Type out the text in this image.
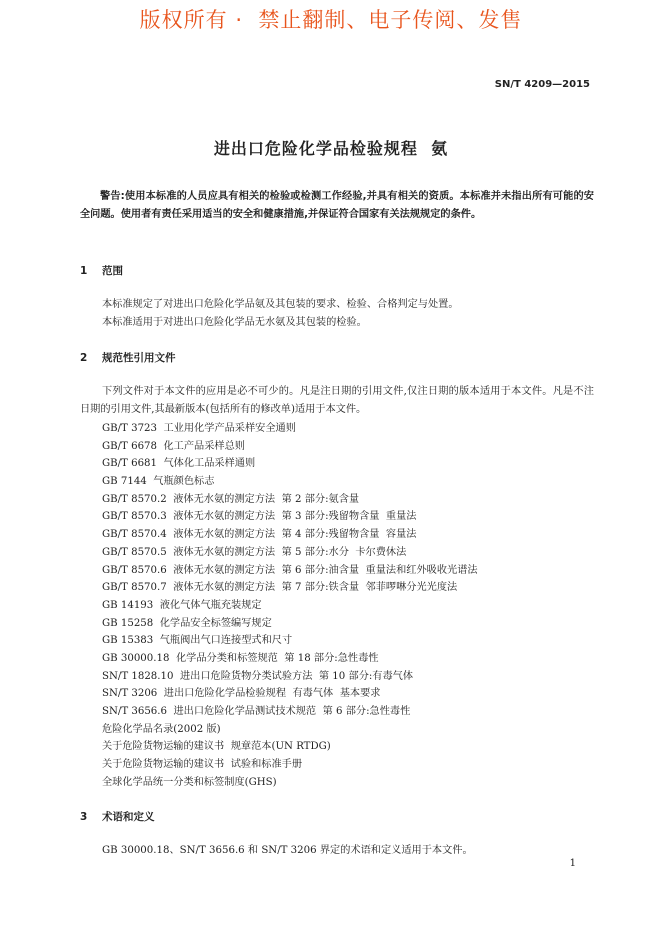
版权所有 ·  禁止翻制、电子传阅、发售
SN/T 4209—2015
进出口危险化学品检验规程  氨
警告:使用本标准的人员应具有相关的检验或检测工作经验,并具有相关的资质。本标准并未指出所有可能的安全问题。使用者有责任采用适当的安全和健康措施,并保证符合国家有关法规规定的条件。
1 范围
本标准规定了对进出口危险化学品氨及其包装的要求、检验、合格判定与处置。
本标准适用于对进出口危险化学品无水氨及其包装的检验。
2 规范性引用文件
下列文件对于本文件的应用是必不可少的。凡是注日期的引用文件,仅注日期的版本适用于本文件。凡是不注日期的引用文件,其最新版本(包括所有的修改单)适用于本文件。
GB/T 3723  工业用化学产品采样安全通则
GB/T 6678  化工产品采样总则
GB/T 6681  气体化工品采样通则
GB 7144  气瓶颜色标志
GB/T 8570.2  液体无水氨的测定方法  第 2 部分:氨含量
GB/T 8570.3  液体无水氨的测定方法  第 3 部分:残留物含量  重量法
GB/T 8570.4  液体无水氨的测定方法  第 4 部分:残留物含量  容量法
GB/T 8570.5  液体无水氨的测定方法  第 5 部分:水分  卡尔费休法
GB/T 8570.6  液体无水氨的测定方法  第 6 部分:油含量  重量法和红外吸收光谱法
GB/T 8570.7  液体无水氨的测定方法  第 7 部分:铁含量  邻菲啰啉分光光度法
GB 14193  液化气体气瓶充装规定
GB 15258  化学品安全标签编写规定
GB 15383  气瓶阀出气口连接型式和尺寸
GB 30000.18  化学品分类和标签规范  第 18 部分:急性毒性
SN/T 1828.10  进出口危险货物分类试验方法  第 10 部分:有毒气体
SN/T 3206  进出口危险化学品检验规程  有毒气体  基本要求
SN/T 3656.6  进出口危险化学品测试技术规范  第 6 部分:急性毒性
危险化学品名录(2002 版)
关于危险货物运输的建议书  规章范本(UN RTDG)
关于危险货物运输的建议书  试验和标准手册
全球化学品统一分类和标签制度(GHS)
3 术语和定义
GB 30000.18、SN/T 3656.6 和 SN/T 3206 界定的术语和定义适用于本文件。
1
